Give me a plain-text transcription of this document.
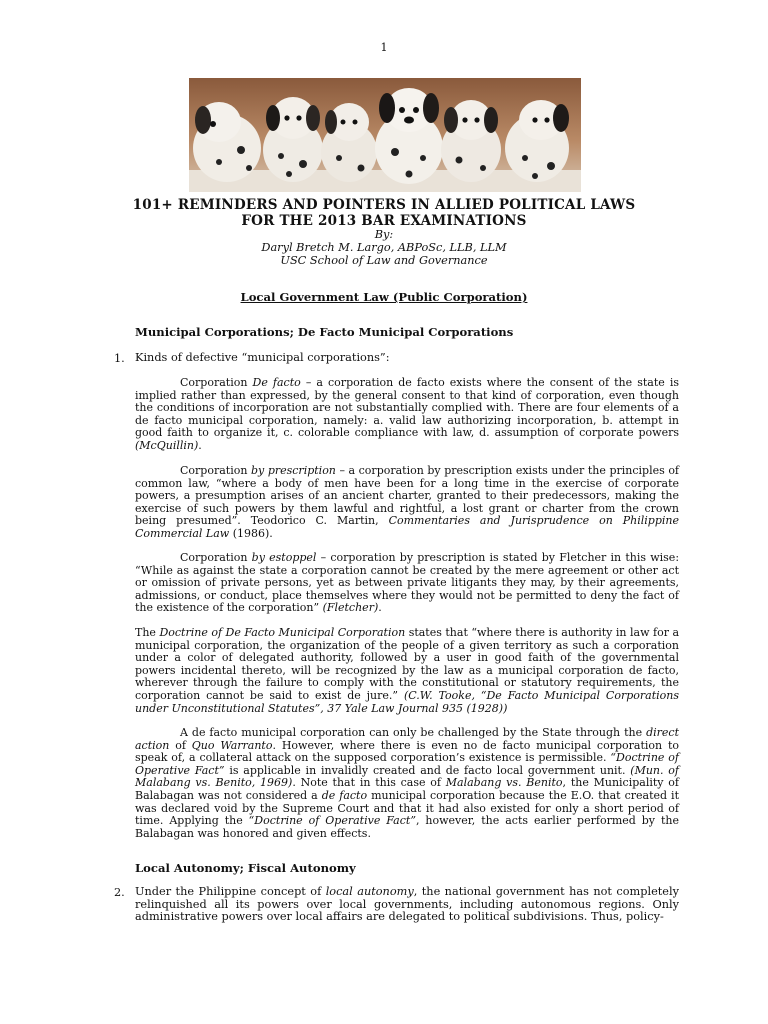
1
101+ REMINDERS AND POINTERS IN ALLIED POLITICAL LAWS
FOR THE 2013 BAR EXAMINATIONS
By:
Daryl Bretch M. Largo, ABPoSc, LLB, LLM
USC School of Law and Governance
Local Government Law (Public Corporation)
Municipal Corporations; De Facto Municipal Corporations
1. Kinds of defective “municipal corporations”:
Corporation De facto – a corporation de facto exists where the consent of the state is implied rather than expressed, by the general consent to that kind of corporation, even though the conditions of incorporation are not substantially complied with. There are four elements of a de facto municipal corporation, namely: a. valid law authorizing incorporation, b. attempt in good faith to organize it, c. colorable compliance with law, d. assumption of corporate powers (McQuillin).
Corporation by prescription – a corporation by prescription exists under the principles of common law, “where a body of men have been for a long time in the exercise of corporate powers, a presumption arises of an ancient charter, granted to their predecessors, making the exercise of such powers by them lawful and rightful, a lost grant or charter from the crown being presumed”. Teodorico C. Martin, Commentaries and Jurisprudence on Philippine Commercial Law (1986).
Corporation by estoppel – corporation by prescription is stated by Fletcher in this wise: “While as against the state a corporation cannot be created by the mere agreement or other act or omission of private persons, yet as between private litigants they may, by their agreements, admissions, or conduct, place themselves where they would not be permitted to deny the fact of the existence of the corporation” (Fletcher).
The Doctrine of De Facto Municipal Corporation states that “where there is authority in law for a municipal corporation, the organization of the people of a given territory as such a corporation under a color of delegated authority, followed by a user in good faith of the governmental powers incidental thereto, will be recognized by the law as a municipal corporation de facto, wherever through the failure to comply with the constitutional or statutory requirements, the corporation cannot be said to exist de jure.” (C.W. Tooke, “De Facto Municipal Corporations under Unconstitutional Statutes”, 37 Yale Law Journal 935 (1928))
A de facto municipal corporation can only be challenged by the State through the direct action of Quo Warranto. However, where there is even no de facto municipal corporation to speak of, a collateral attack on the supposed corporation’s existence is permissible. “Doctrine of Operative Fact” is applicable in invalidly created and de facto local government unit. (Mun. of Malabang vs. Benito, 1969). Note that in this case of Malabang vs. Benito, the Municipality of Balabagan was not considered a de facto municipal corporation because the E.O. that created it was declared void by the Supreme Court and that it had also existed for only a short period of time. Applying the “Doctrine of Operative Fact”, however, the acts earlier performed by the Balabagan was honored and given effects.
Local Autonomy; Fiscal Autonomy
2. Under the Philippine concept of local autonomy, the national government has not completely relinquished all its powers over local governments, including autonomous regions. Only administrative powers over local affairs are delegated to political subdivisions. Thus, policy-
